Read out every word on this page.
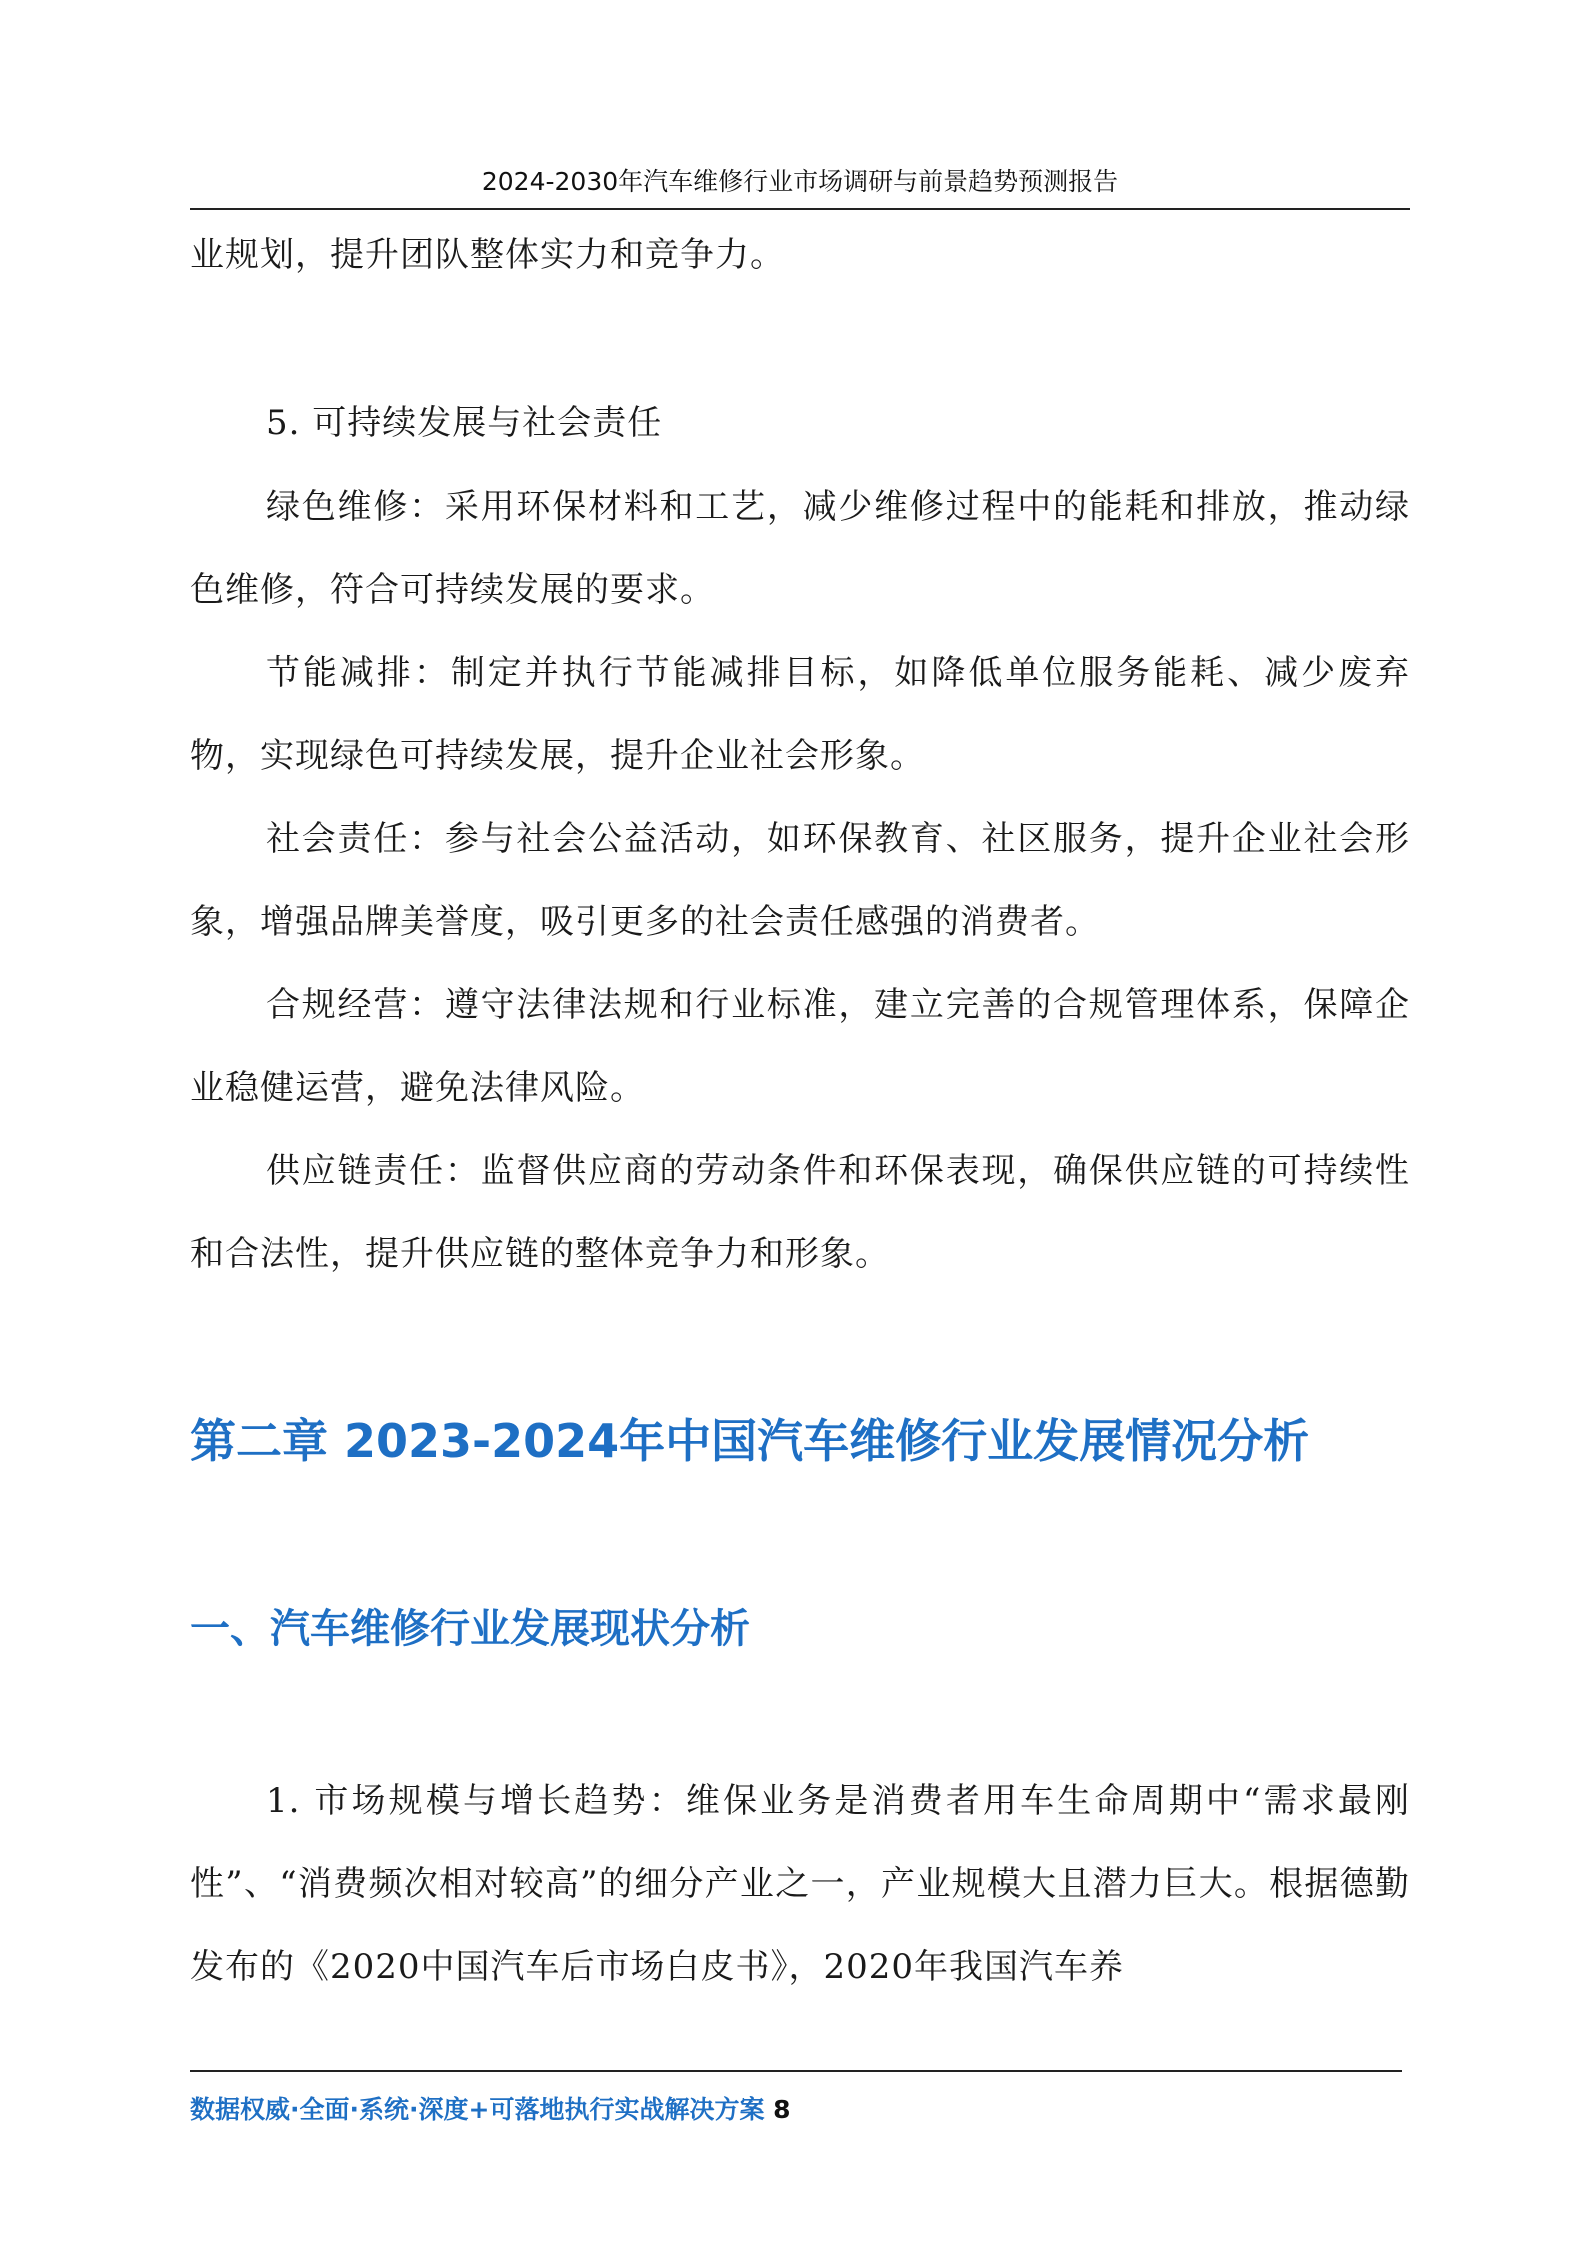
2024-2030年汽车维修行业市场调研与前景趋势预测报告
业规划，提升团队整体实力和竞争力。
5. 可持续发展与社会责任
绿色维修：采用环保材料和工艺，减少维修过程中的能耗和排放，推动绿色维修，符合可持续发展的要求。
节能减排：制定并执行节能减排目标，如降低单位服务能耗、减少废弃物，实现绿色可持续发展，提升企业社会形象。
社会责任：参与社会公益活动，如环保教育、社区服务，提升企业社会形象，增强品牌美誉度，吸引更多的社会责任感强的消费者。
合规经营：遵守法律法规和行业标准，建立完善的合规管理体系，保障企业稳健运营，避免法律风险。
供应链责任：监督供应商的劳动条件和环保表现，确保供应链的可持续性和合法性，提升供应链的整体竞争力和形象。
第二章 2023-2024年中国汽车维修行业发展情况分析
一、汽车维修行业发展现状分析
1. 市场规模与增长趋势：维保业务是消费者用车生命周期中“需求最刚性”、“消费频次相对较高”的细分产业之一，产业规模大且潜力巨大。根据德勤发布的《2020中国汽车后市场白皮书》，2020年我国汽车养
数据权威·全面·系统·深度+可落地执行实战解决方案 8
